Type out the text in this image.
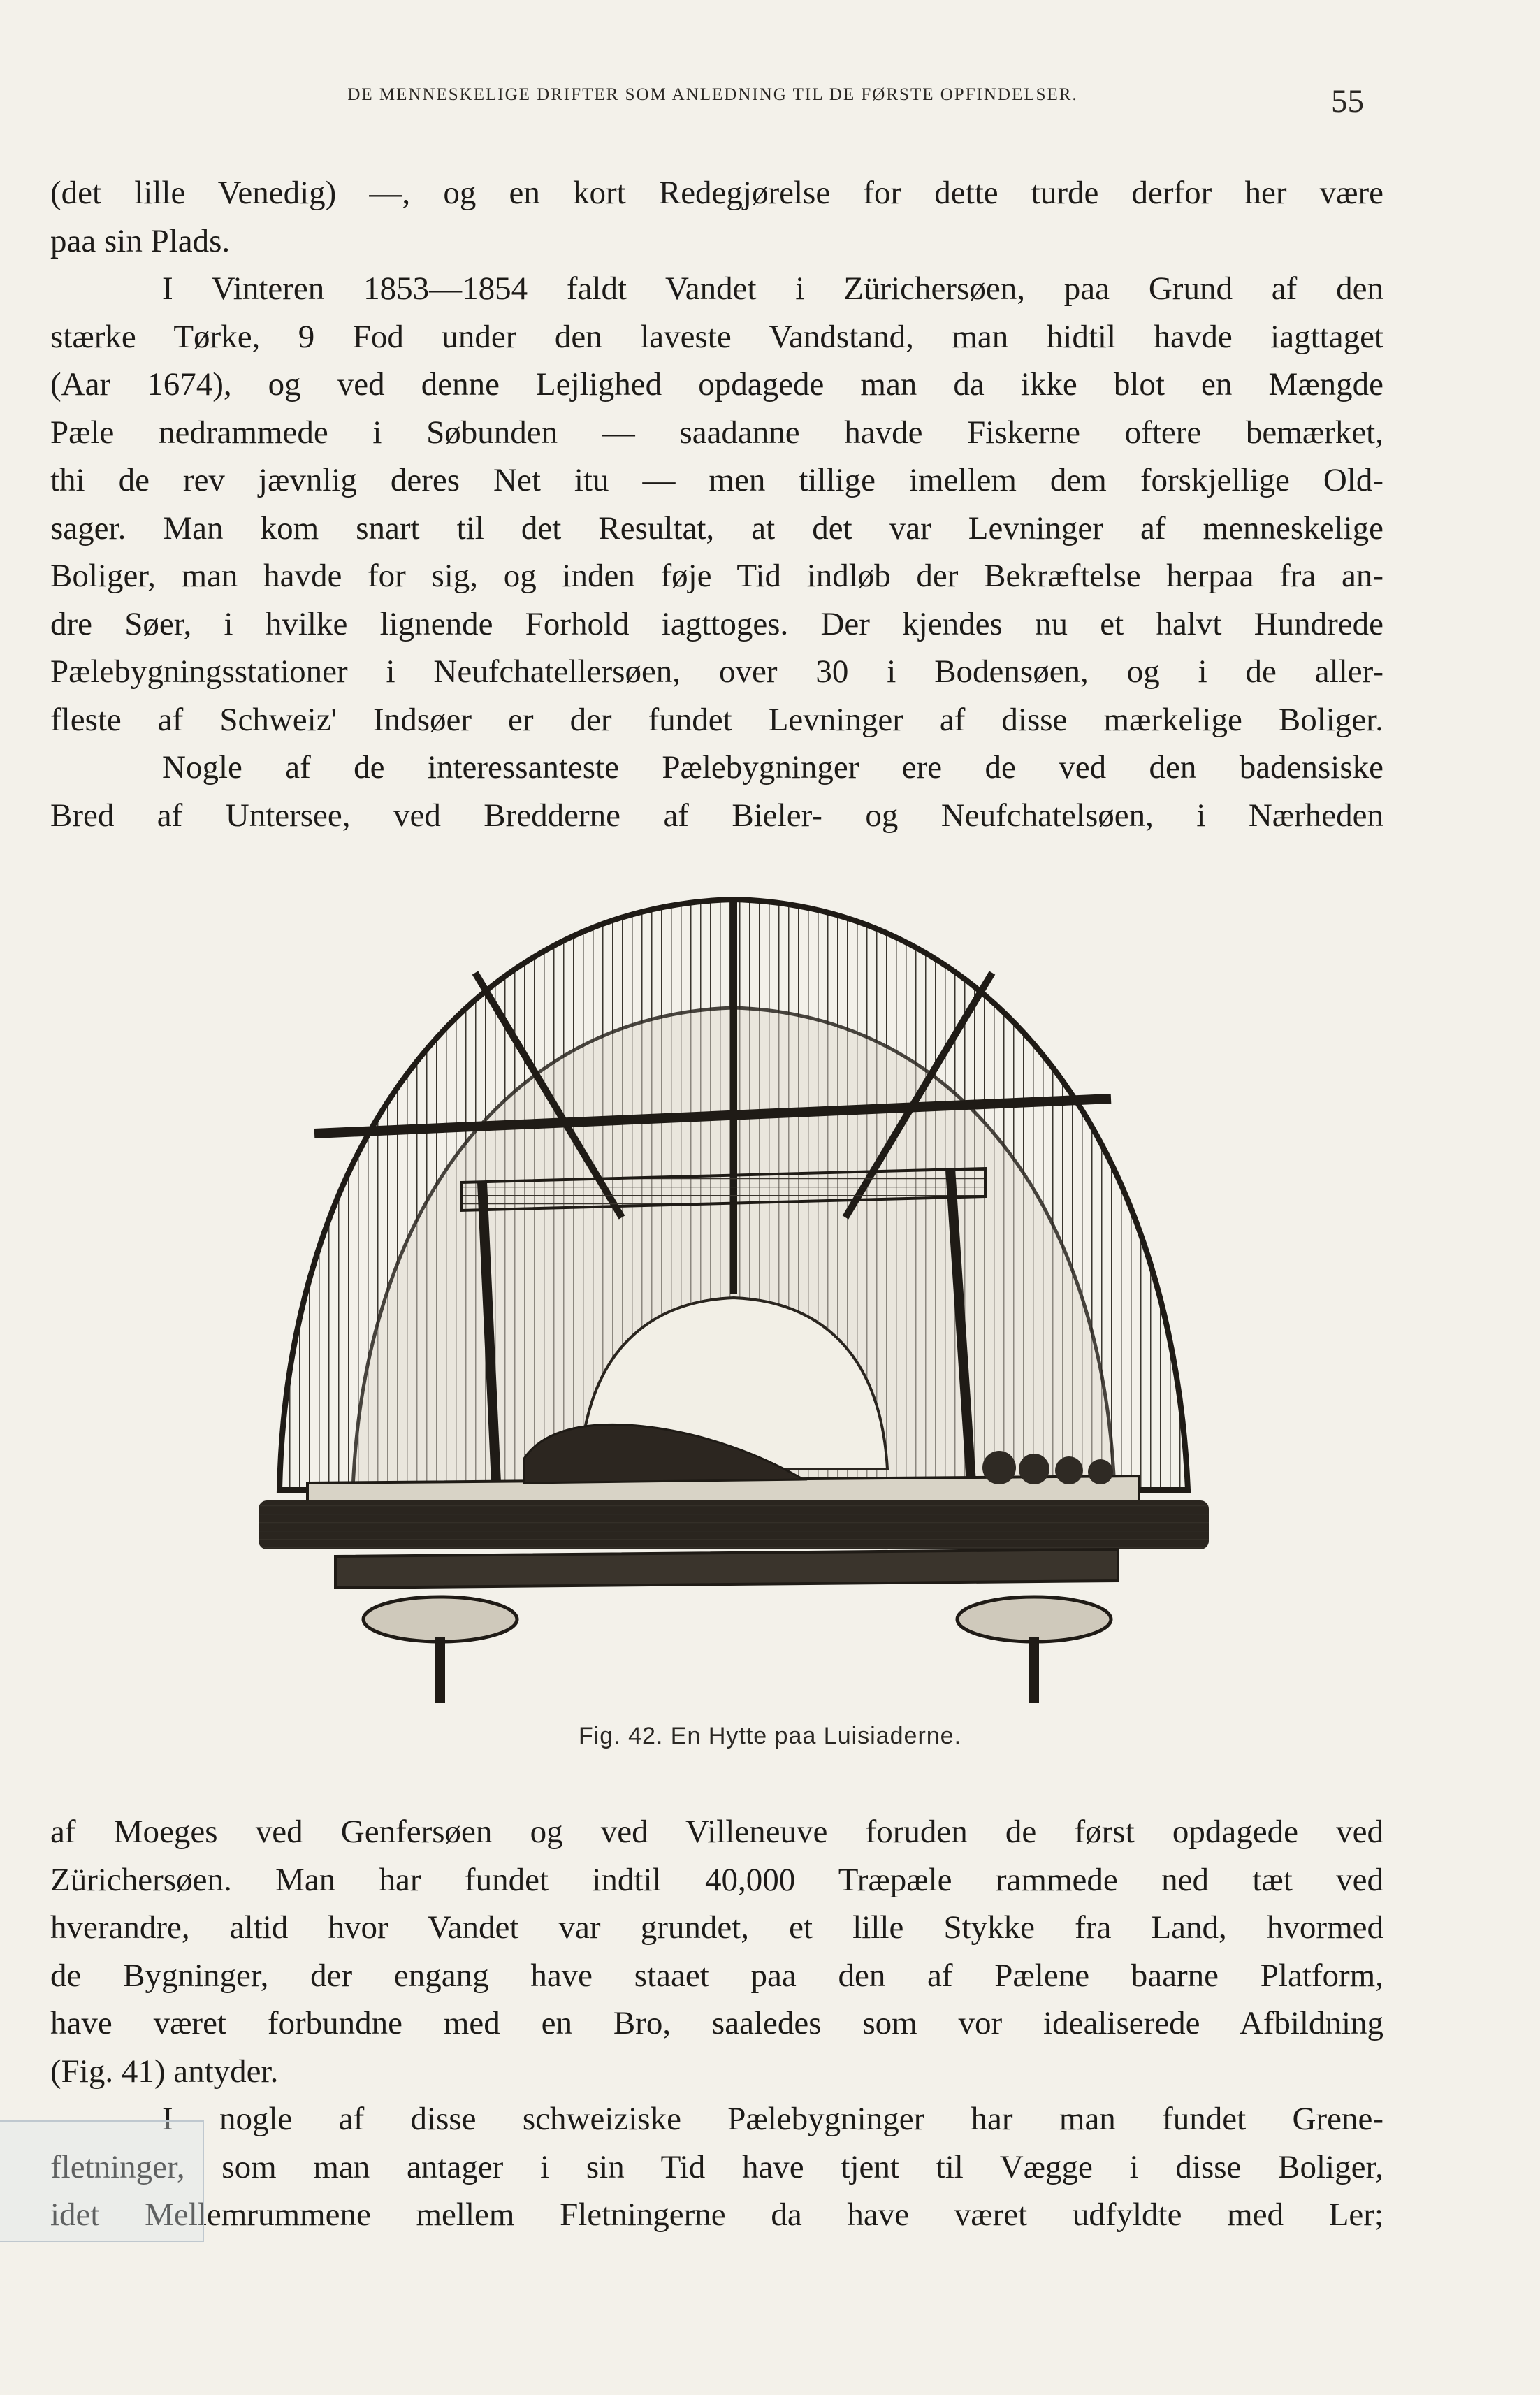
DE MENNESKELIGE DRIFTER SOM ANLEDNING TIL DE FØRSTE OPFINDELSER.	55
(det lille Venedig) —, og en kort Redegjørelse for dette turde derfor her være
paa sin Plads.
I Vinteren 1853—1854 faldt Vandet i Zürichersøen, paa Grund af den
stærke Tørke, 9 Fod under den laveste Vandstand, man hidtil havde iagttaget
(Aar 1674), og ved denne Lejlighed opdagede man da ikke blot en Mængde
Pæle nedrammede i Søbunden — saadanne havde Fiskerne oftere bemærket,
thi de rev jævnlig deres Net itu — men tillige imellem dem forskjellige Old-
sager. Man kom snart til det Resultat, at det var Levninger af menneskelige
Boliger, man havde for sig, og inden føje Tid indløb der Bekræftelse herpaa fra an-
dre Søer, i hvilke lignende Forhold iagttoges. Der kjendes nu et halvt Hundrede
Pælebygningsstationer i Neufchatellersøen, over 30 i Bodensøen, og i de aller-
fleste af Schweiz' Indsøer er der fundet Levninger af disse mærkelige Boliger.
Nogle af de interessanteste Pælebygninger ere de ved den badensiske
Bred af Untersee, ved Bredderne af Bieler- og Neufchatelsøen, i Nærheden
Fig. 42. En Hytte paa Luisiaderne.
af Moeges ved Genfersøen og ved Villeneuve foruden de først opdagede ved
Zürichersøen. Man har fundet indtil 40,000 Træpæle rammede ned tæt ved
hverandre, altid hvor Vandet var grundet, et lille Stykke fra Land, hvormed
de Bygninger, der engang have staaet paa den af Pælene baarne Platform,
have været forbundne med en Bro, saaledes som vor idealiserede Afbildning
(Fig. 41) antyder.
I nogle af disse schweiziske Pælebygninger har man fundet Grene-
fletninger, som man antager i sin Tid have tjent til Vægge i disse Boliger,
idet Mellemrummene mellem Fletningerne da have været udfyldte med Ler;
